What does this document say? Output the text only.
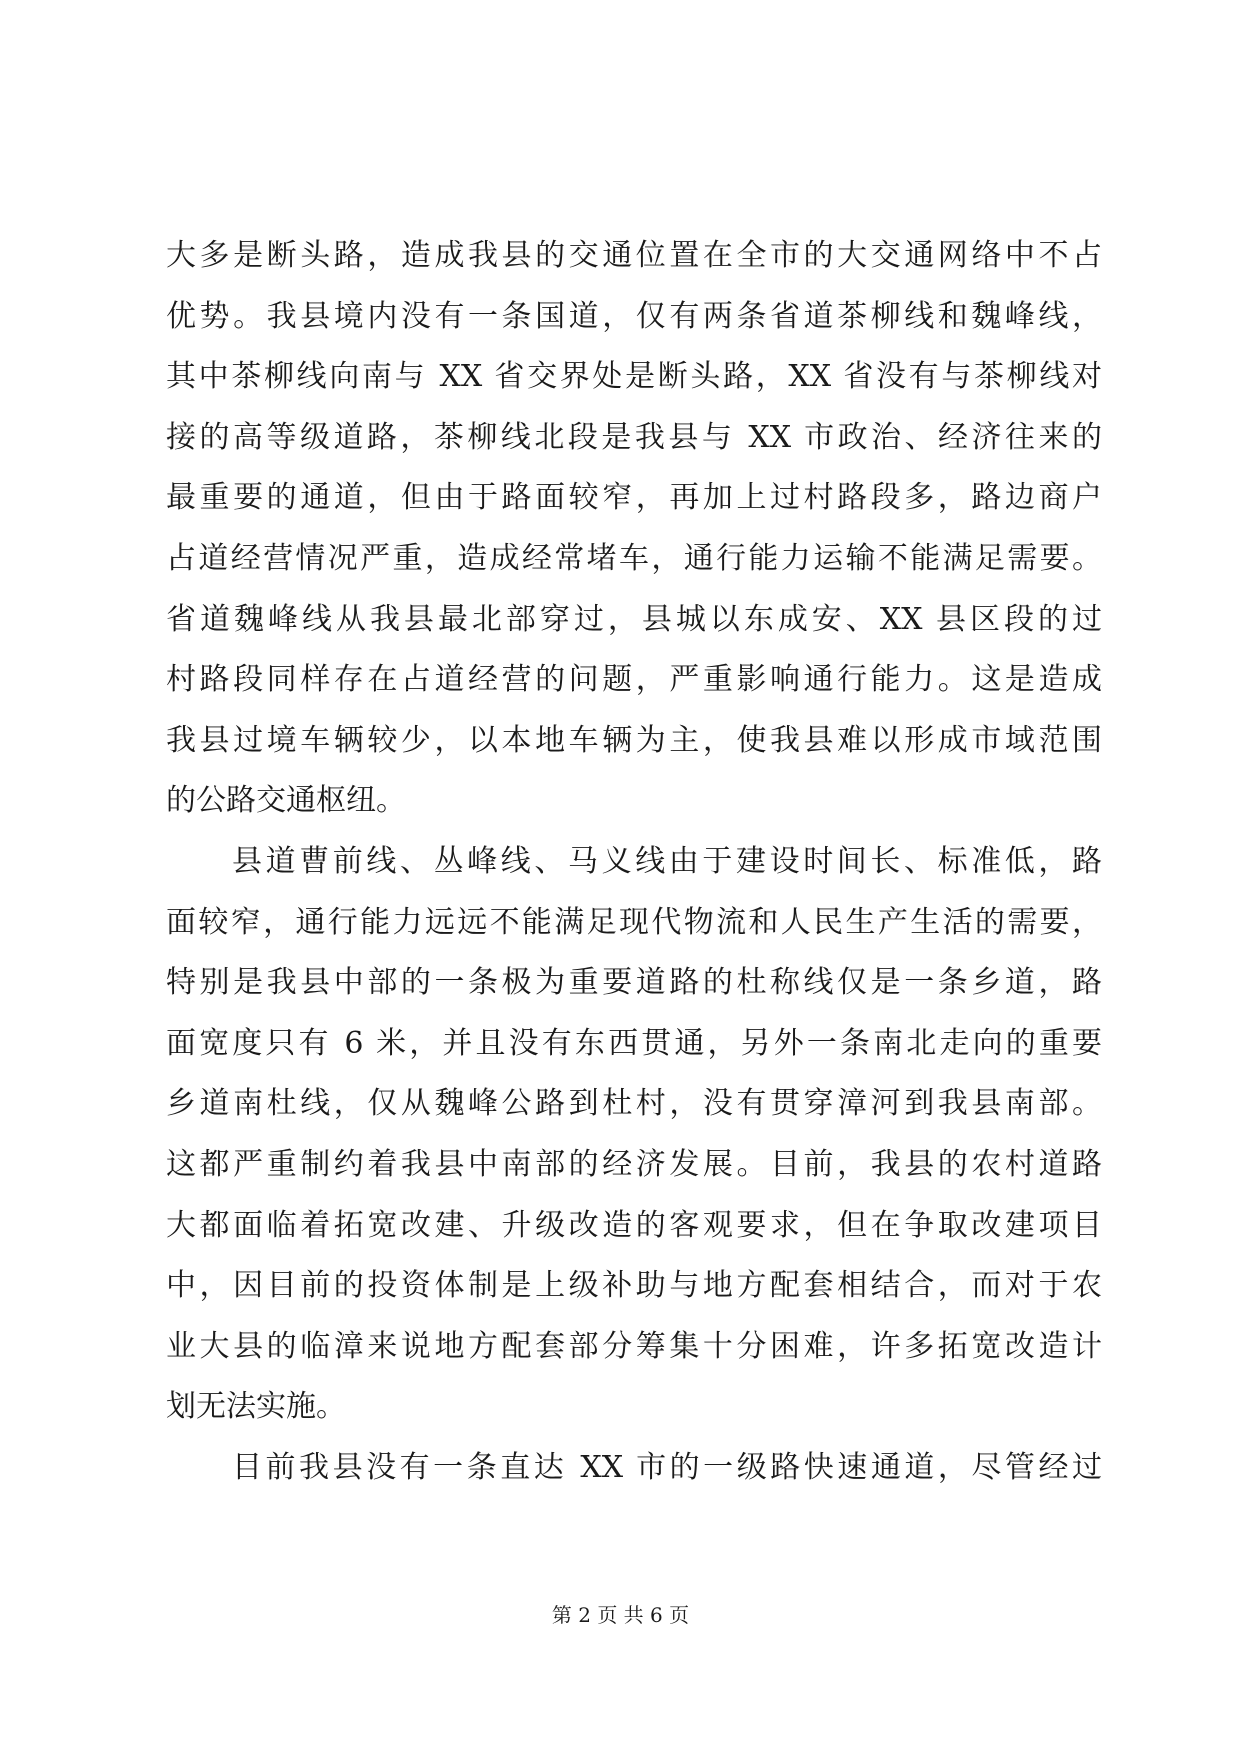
大多是断头路，造成我县的交通位置在全市的大交通网络中不占
优势。我县境内没有一条国道，仅有两条省道茶柳线和魏峰线，
其中茶柳线向南与 XX 省交界处是断头路，XX 省没有与茶柳线对
接的高等级道路，茶柳线北段是我县与 XX 市政治、经济往来的
最重要的通道，但由于路面较窄，再加上过村路段多，路边商户
占道经营情况严重，造成经常堵车，通行能力运输不能满足需要。
省道魏峰线从我县最北部穿过，县城以东成安、XX 县区段的过
村路段同样存在占道经营的问题，严重影响通行能力。这是造成
我县过境车辆较少，以本地车辆为主，使我县难以形成市域范围
的公路交通枢纽。
县道曹前线、丛峰线、马义线由于建设时间长、标准低，路
面较窄，通行能力远远不能满足现代物流和人民生产生活的需要，
特别是我县中部的一条极为重要道路的杜称线仅是一条乡道，路
面宽度只有 6 米，并且没有东西贯通，另外一条南北走向的重要
乡道南杜线，仅从魏峰公路到杜村，没有贯穿漳河到我县南部。
这都严重制约着我县中南部的经济发展。目前，我县的农村道路
大都面临着拓宽改建、升级改造的客观要求，但在争取改建项目
中，因目前的投资体制是上级补助与地方配套相结合，而对于农
业大县的临漳来说地方配套部分筹集十分困难，许多拓宽改造计
划无法实施。
目前我县没有一条直达 XX 市的一级路快速通道，尽管经过
第 2 页 共 6 页
